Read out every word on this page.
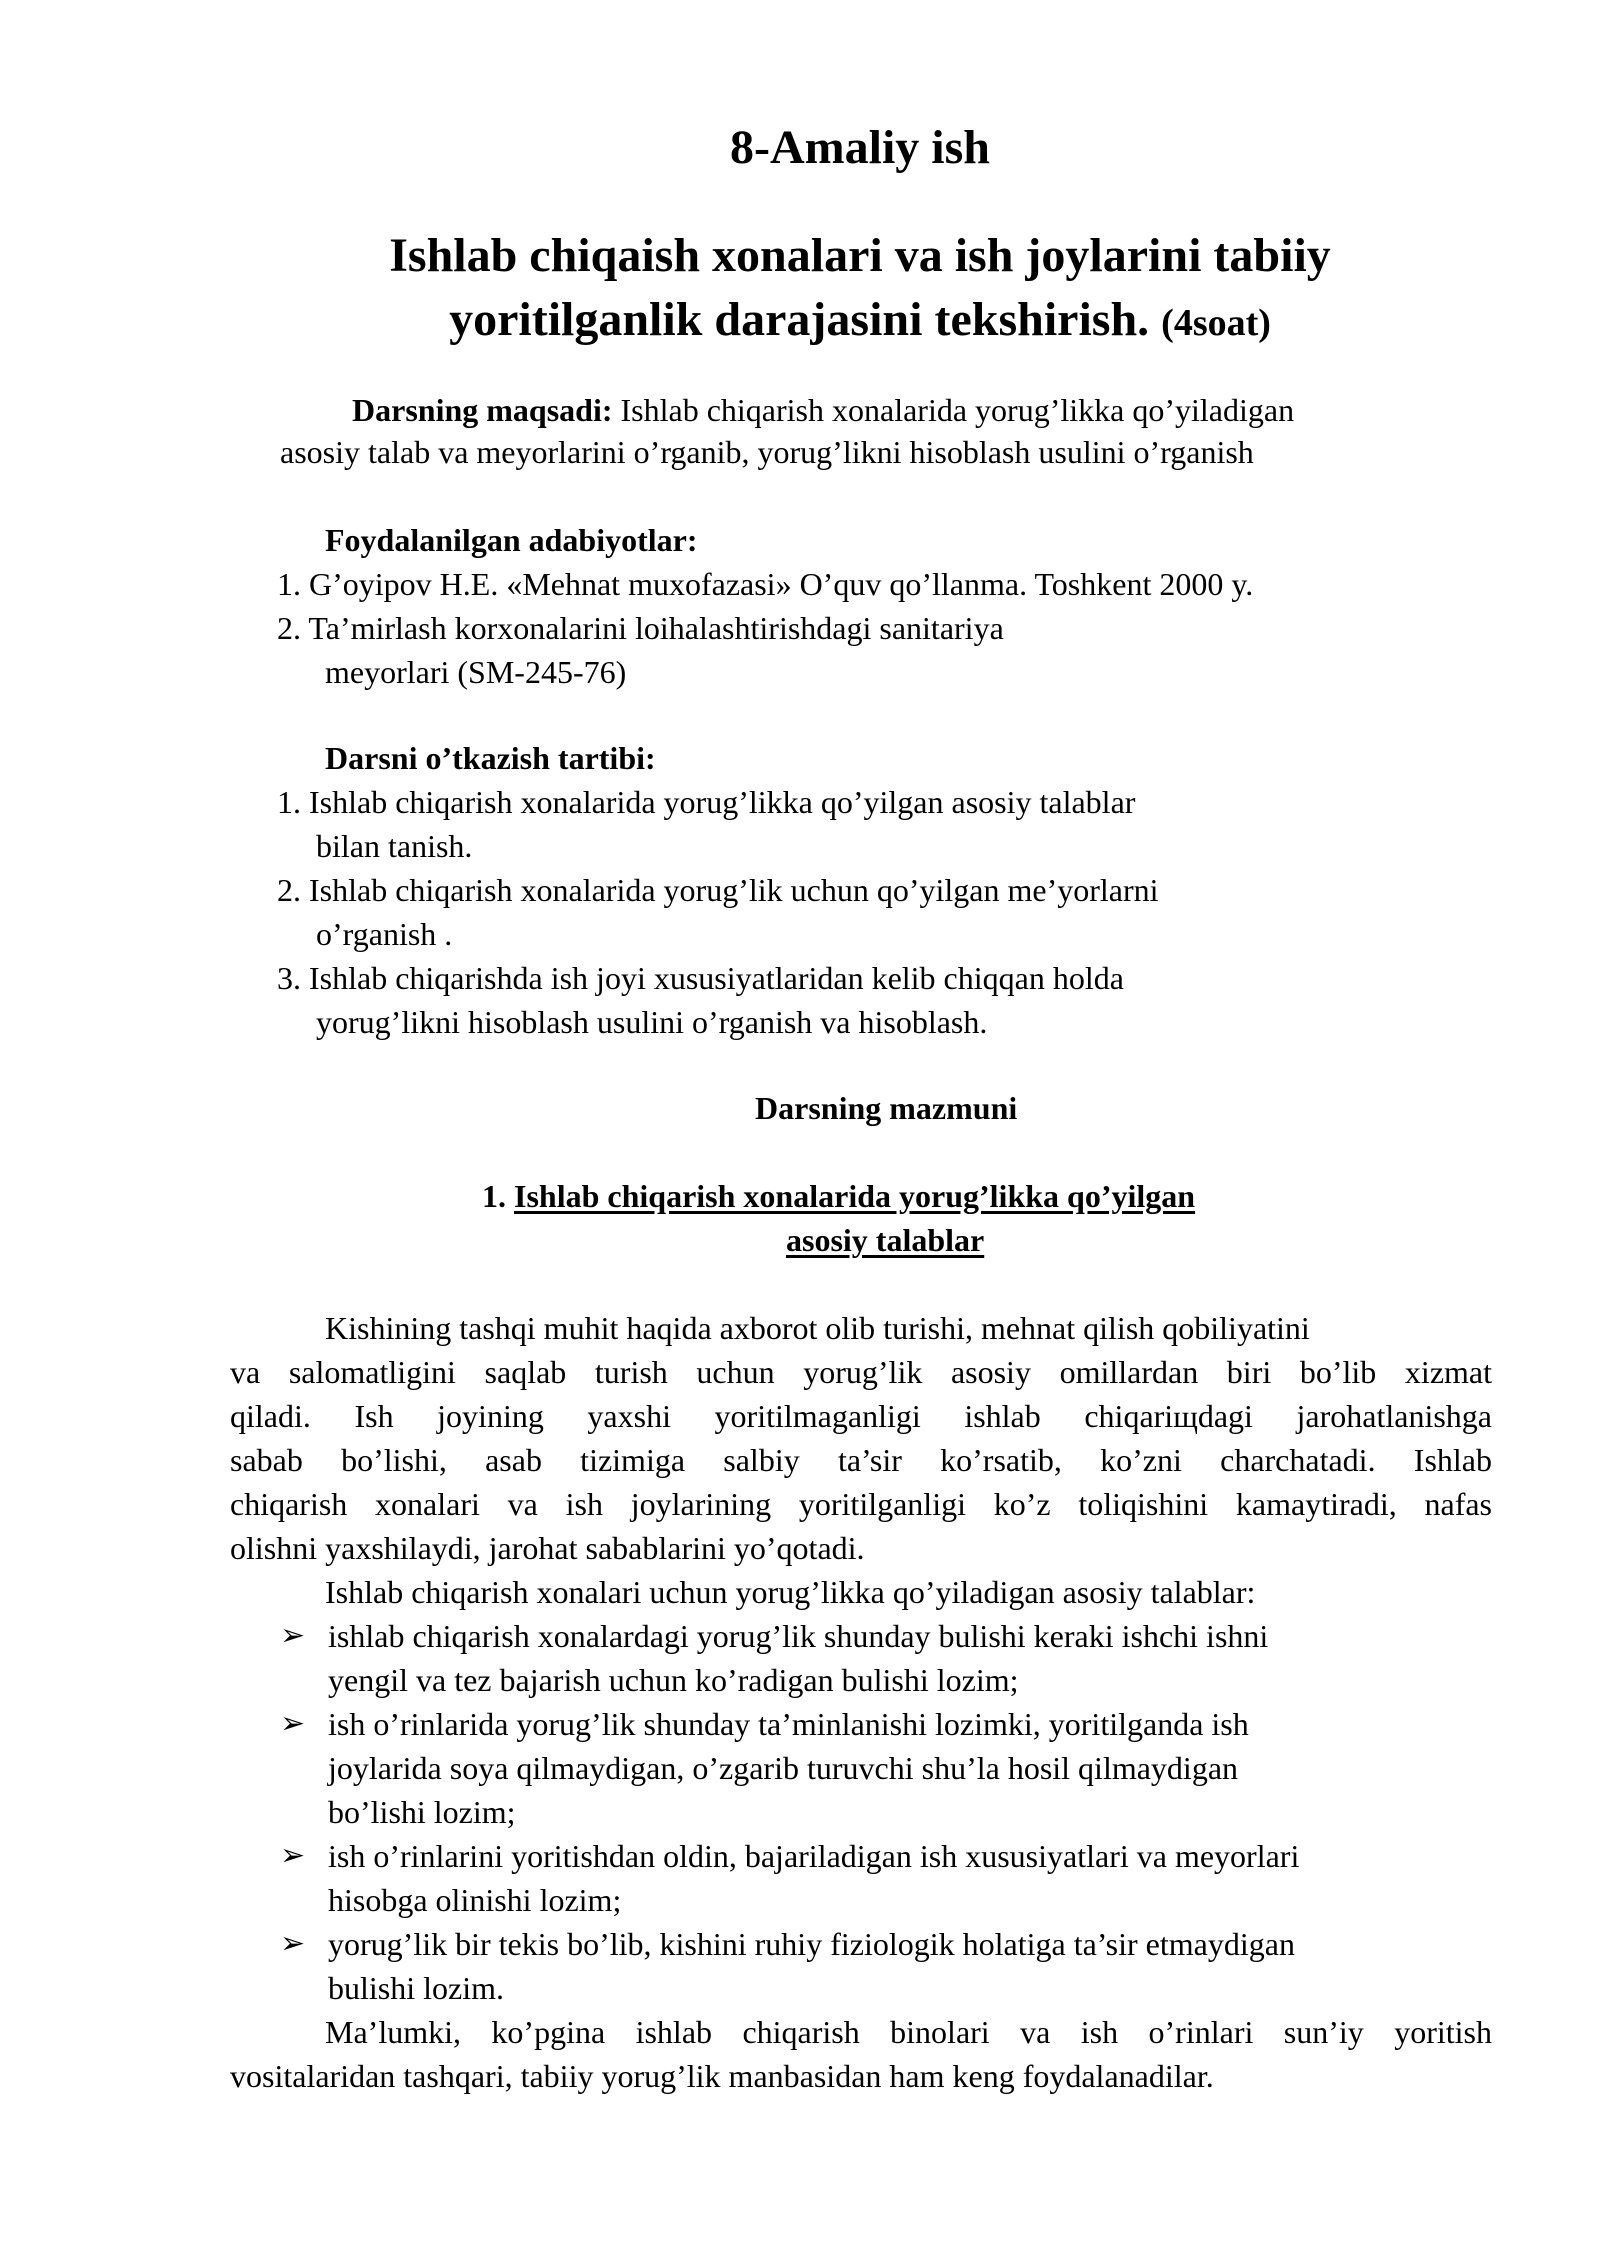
8-Amaliy ish
Ishlab chiqaish xonalari va ish joylarini tabiiy
yoritilganlik darajasini tekshirish. (4soat)
Darsning maqsadi: Ishlab chiqarish xonalarida yorug’likka qo’yiladigan
asosiy talab va meyorlarini o’rganib, yorug’likni hisoblash usulini o’rganish
Foydalanilgan adabiyotlar:
1. G’oyipov H.E. «Mehnat muxofazasi» O’quv qo’llanma. Toshkent 2000 y.
2. Ta’mirlash korxonalarini loihalashtirishdagi sanitariya
meyorlari (SM-245-76)
Darsni o’tkazish tartibi:
1. Ishlab chiqarish xonalarida yorug’likka qo’yilgan asosiy talablar
bilan tanish.
2. Ishlab chiqarish xonalarida yorug’lik uchun qo’yilgan me’yorlarni
o’rganish .
3. Ishlab chiqarishda ish joyi xususiyatlaridan kelib chiqqan holda
yorug’likni hisoblash usulini o’rganish va hisoblash.
Darsning mazmuni
1. Ishlab chiqarish xonalarida yorug’likka qo’yilgan
asosiy talablar
Kishining tashqi muhit haqida axborot olib turishi, mehnat qilish qobiliyatini
va salomatligini saqlab turish uchun yorug’lik asosiy omillardan biri bo’lib xizmat
qiladi. Ish joyining yaxshi yoritilmaganligi ishlab chiqariщdagi jarohatlanishga
sabab bo’lishi, asab tizimiga salbiy ta’sir ko’rsatib, ko’zni charchatadi. Ishlab
chiqarish xonalari va ish joylarining yoritilganligi ko’z toliqishini kamaytiradi, nafas
olishni yaxshilaydi, jarohat sabablarini yo’qotadi.
Ishlab chiqarish xonalari uchun yorug’likka qo’yiladigan asosiy talablar:
➢ ishlab chiqarish xonalardagi yorug’lik shunday bulishi keraki ishchi ishni
yengil va tez bajarish uchun ko’radigan bulishi lozim;
➢ ish o’rinlarida yorug’lik shunday ta’minlanishi lozimki, yoritilganda ish
joylarida soya qilmaydigan, o’zgarib turuvchi shu’la hosil qilmaydigan
bo’lishi lozim;
➢ ish o’rinlarini yoritishdan oldin, bajariladigan ish xususiyatlari va meyorlari
hisobga olinishi lozim;
➢ yorug’lik bir tekis bo’lib, kishini ruhiy fiziologik holatiga ta’sir etmaydigan
bulishi lozim.
Ma’lumki, ko’pgina ishlab chiqarish binolari va ish o’rinlari sun’iy yoritish
vositalaridan tashqari, tabiiy yorug’lik manbasidan ham keng foydalanadilar.
